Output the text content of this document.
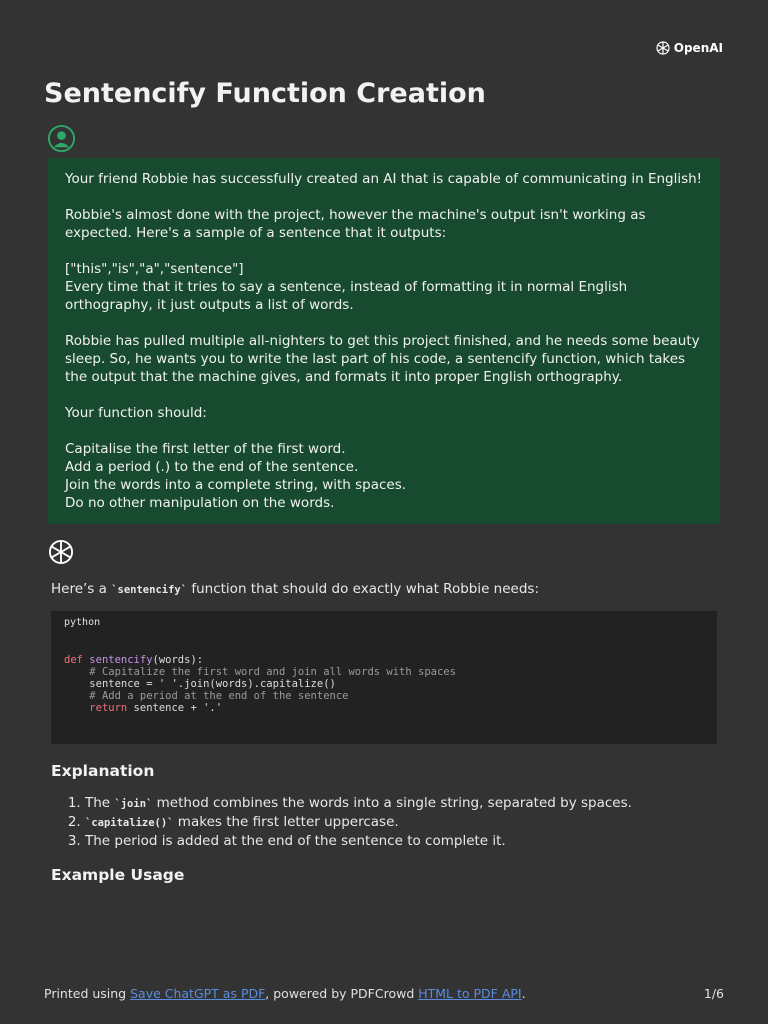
OpenAI
Sentencify Function Creation

Your friend Robbie has successfully created an AI that is capable of communicating in English!

Robbie's almost done with the project, however the machine's output isn't working as expected. Here's a sample of a sentence that it outputs:

["this","is","a","sentence"]

Every time that it tries to say a sentence, instead of formatting it in normal English orthography, it just outputs a list of words.

Robbie has pulled multiple all-nighters to get this project finished, and he needs some beauty sleep. So, he wants you to write the last part of his code, a sentencify function, which takes the output that the machine gives, and formats it into proper English orthography.

Your function should:

Capitalise the first letter of the first word.

Add a period (.) to the end of the sentence.

Join the words into a complete string, with spaces.

Do no other manipulation on the words.

Here’s a `sentencify` function that should do exactly what Robbie needs:

python
def sentencify(words):
# Capitalize the first word and join all words with spaces
sentence = ' '.join(words).capitalize()
# Add a period at the end of the sentence
return sentence + '.'
Explanation
1. The `join` method combines the words into a single string, separated by spaces.
2. `capitalize()` makes the first letter uppercase.
3. The period is added at the end of the sentence to complete it.
Example Usage
Printed using Save ChatGPT as PDF, powered by PDFCrowd HTML to PDF API.	1/6
